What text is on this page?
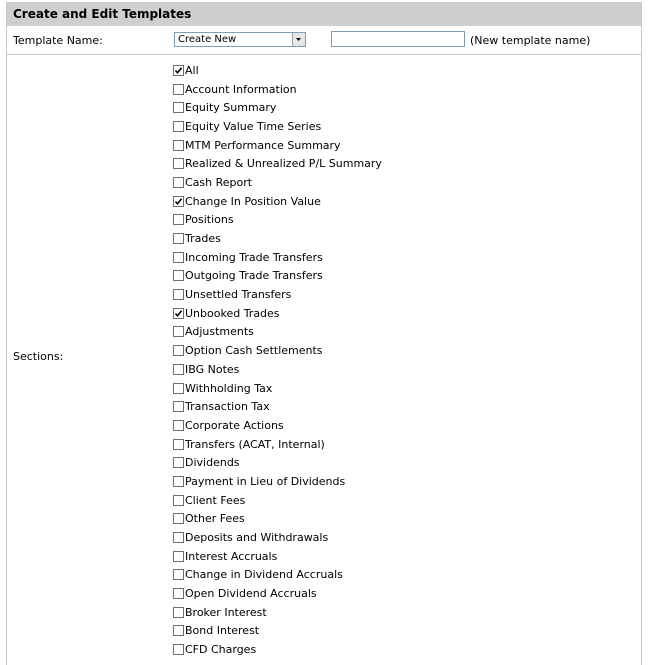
Create and Edit Templates
Template Name:	Create New	(New template name)
Sections:
All
Account Information
Equity Summary
Equity Value Time Series
MTM Performance Summary
Realized & Unrealized P/L Summary
Cash Report
Change In Position Value
Positions
Trades
Incoming Trade Transfers
Outgoing Trade Transfers
Unsettled Transfers
Unbooked Trades
Adjustments
Option Cash Settlements
IBG Notes
Withholding Tax
Transaction Tax
Corporate Actions
Transfers (ACAT, Internal)
Dividends
Payment in Lieu of Dividends
Client Fees
Other Fees
Deposits and Withdrawals
Interest Accruals
Change in Dividend Accruals
Open Dividend Accruals
Broker Interest
Bond Interest
CFD Charges
